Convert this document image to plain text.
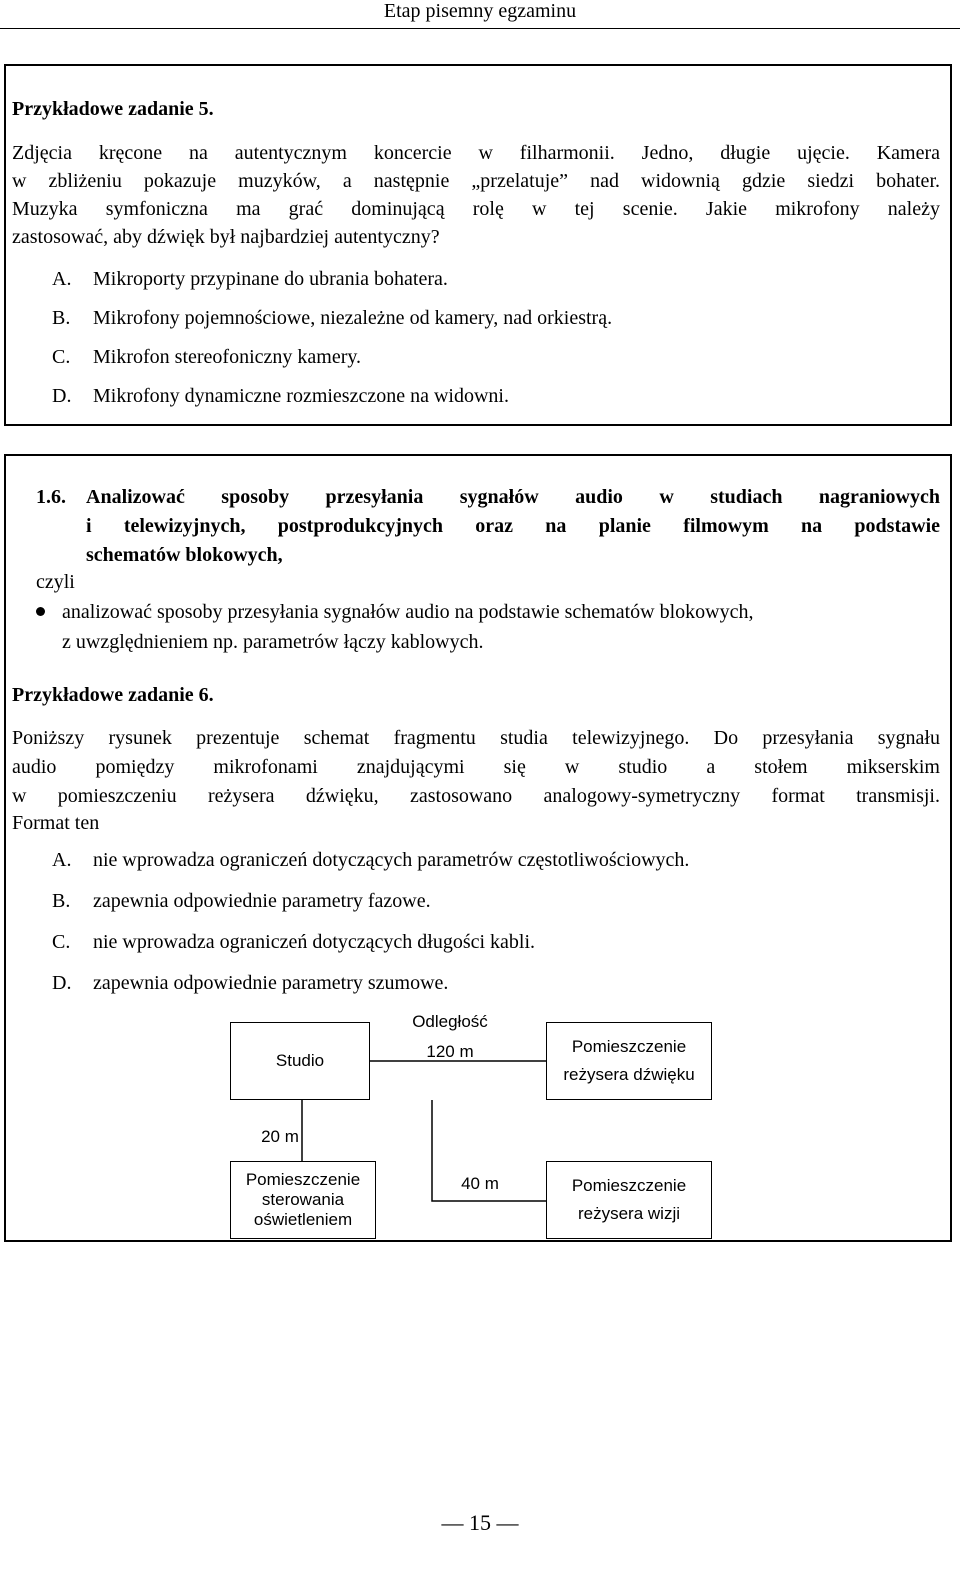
Etap pisemny egzaminu
Przykładowe zadanie 5.
Zdjęcia kręcone na autentycznym koncercie w filharmonii. Jedno, długie ujęcie. Kamera
w zbliżeniu pokazuje muzyków, a następnie „przelatuje” nad widownią gdzie siedzi bohater.
Muzyka symfoniczna ma grać dominującą rolę w tej scenie. Jakie mikrofony należy
zastosować, aby dźwięk był najbardziej autentyczny?
A. Mikroporty przypinane do ubrania bohatera.
B. Mikrofony pojemnościowe, niezależne od kamery, nad orkiestrą.
C. Mikrofon stereofoniczny kamery.
D. Mikrofony dynamiczne rozmieszczone na widowni.
1.6. Analizować sposoby przesyłania sygnałów audio w studiach nagraniowych
i telewizyjnych, postprodukcyjnych oraz na planie filmowym na podstawie
schematów blokowych,
czyli
analizować sposoby przesyłania sygnałów audio na podstawie schematów blokowych,
z uwzględnieniem np. parametrów łączy kablowych.
Przykładowe zadanie 6.
Poniższy rysunek prezentuje schemat fragmentu studia telewizyjnego. Do przesyłania sygnału
audio pomiędzy mikrofonami znajdującymi się w studio a stołem mikserskim
w pomieszczeniu reżysera dźwięku, zastosowano analogowy-symetryczny format transmisji.
Format ten
A. nie wprowadza ograniczeń dotyczących parametrów częstotliwościowych.
B. zapewnia odpowiednie parametry fazowe.
C. nie wprowadza ograniczeń dotyczących długości kabli.
D. zapewnia odpowiednie parametry szumowe.
Odległość
120 m
Studio
Pomieszczenie
reżysera dźwięku
20 m
Pomieszczenie
sterowania
oświetleniem
40 m	Pomieszczenie
reżysera wizji
— 15 —
